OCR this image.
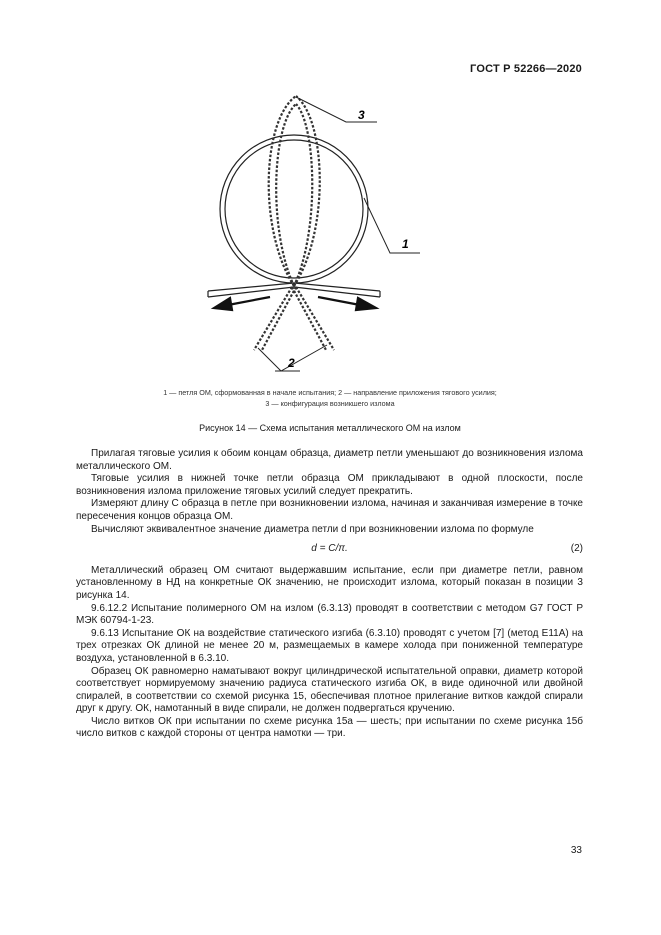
ГОСТ Р 52266—2020
3
1
2
1 — петля ОМ, сформованная в начале испытания; 2 — направление приложения тягового усилия;
3 — конфигурация возникшего излома
Рисунок 14 — Схема испытания металлического ОМ на излом

Прилагая тяговые усилия к обоим концам образца, диаметр петли уменьшают до возникновения излома металлического ОМ.

Тяговые усилия в нижней точке петли образца ОМ прикладывают в одной плоскости, после возникновения излома приложение тяговых усилий следует прекратить.

Измеряют длину С образца в петле при возникновении излома, начиная и заканчивая измерение в точке пересечения концов образца ОМ.

Вычисляют эквивалентное значение диаметра петли d при возникновении излома по формуле

d = C/π.	(2)

Металлический образец ОМ считают выдержавшим испытание, если при диаметре петли, равном установленному в НД на конкретные ОК значению, не происходит излома, который показан в позиции 3 рисунка 14.

9.6.12.2 Испытание полимерного ОМ на излом (6.3.13) проводят в соответствии с методом G7 ГОСТ Р МЭК 60794-1-23.

9.6.13 Испытание ОК на воздействие статического изгиба (6.3.10) проводят с учетом [7] (метод E11A) на трех отрезках ОК длиной не менее 20 м, размещаемых в камере холода при пониженной температуре воздуха, установленной в 6.3.10.

Образец ОК равномерно наматывают вокруг цилиндрической испытательной оправки, диаметр которой соответствует нормируемому значению радиуса статического изгиба ОК, в виде одиночной или двойной спиралей, в соответствии со схемой рисунка 15, обеспечивая плотное прилегание витков каждой спирали друг к другу. ОК, намотанный в виде спирали, не должен подвергаться кручению.

Число витков ОК при испытании по схеме рисунка 15а — шесть; при испытании по схеме рисунка 15б число витков с каждой стороны от центра намотки — три.

33
